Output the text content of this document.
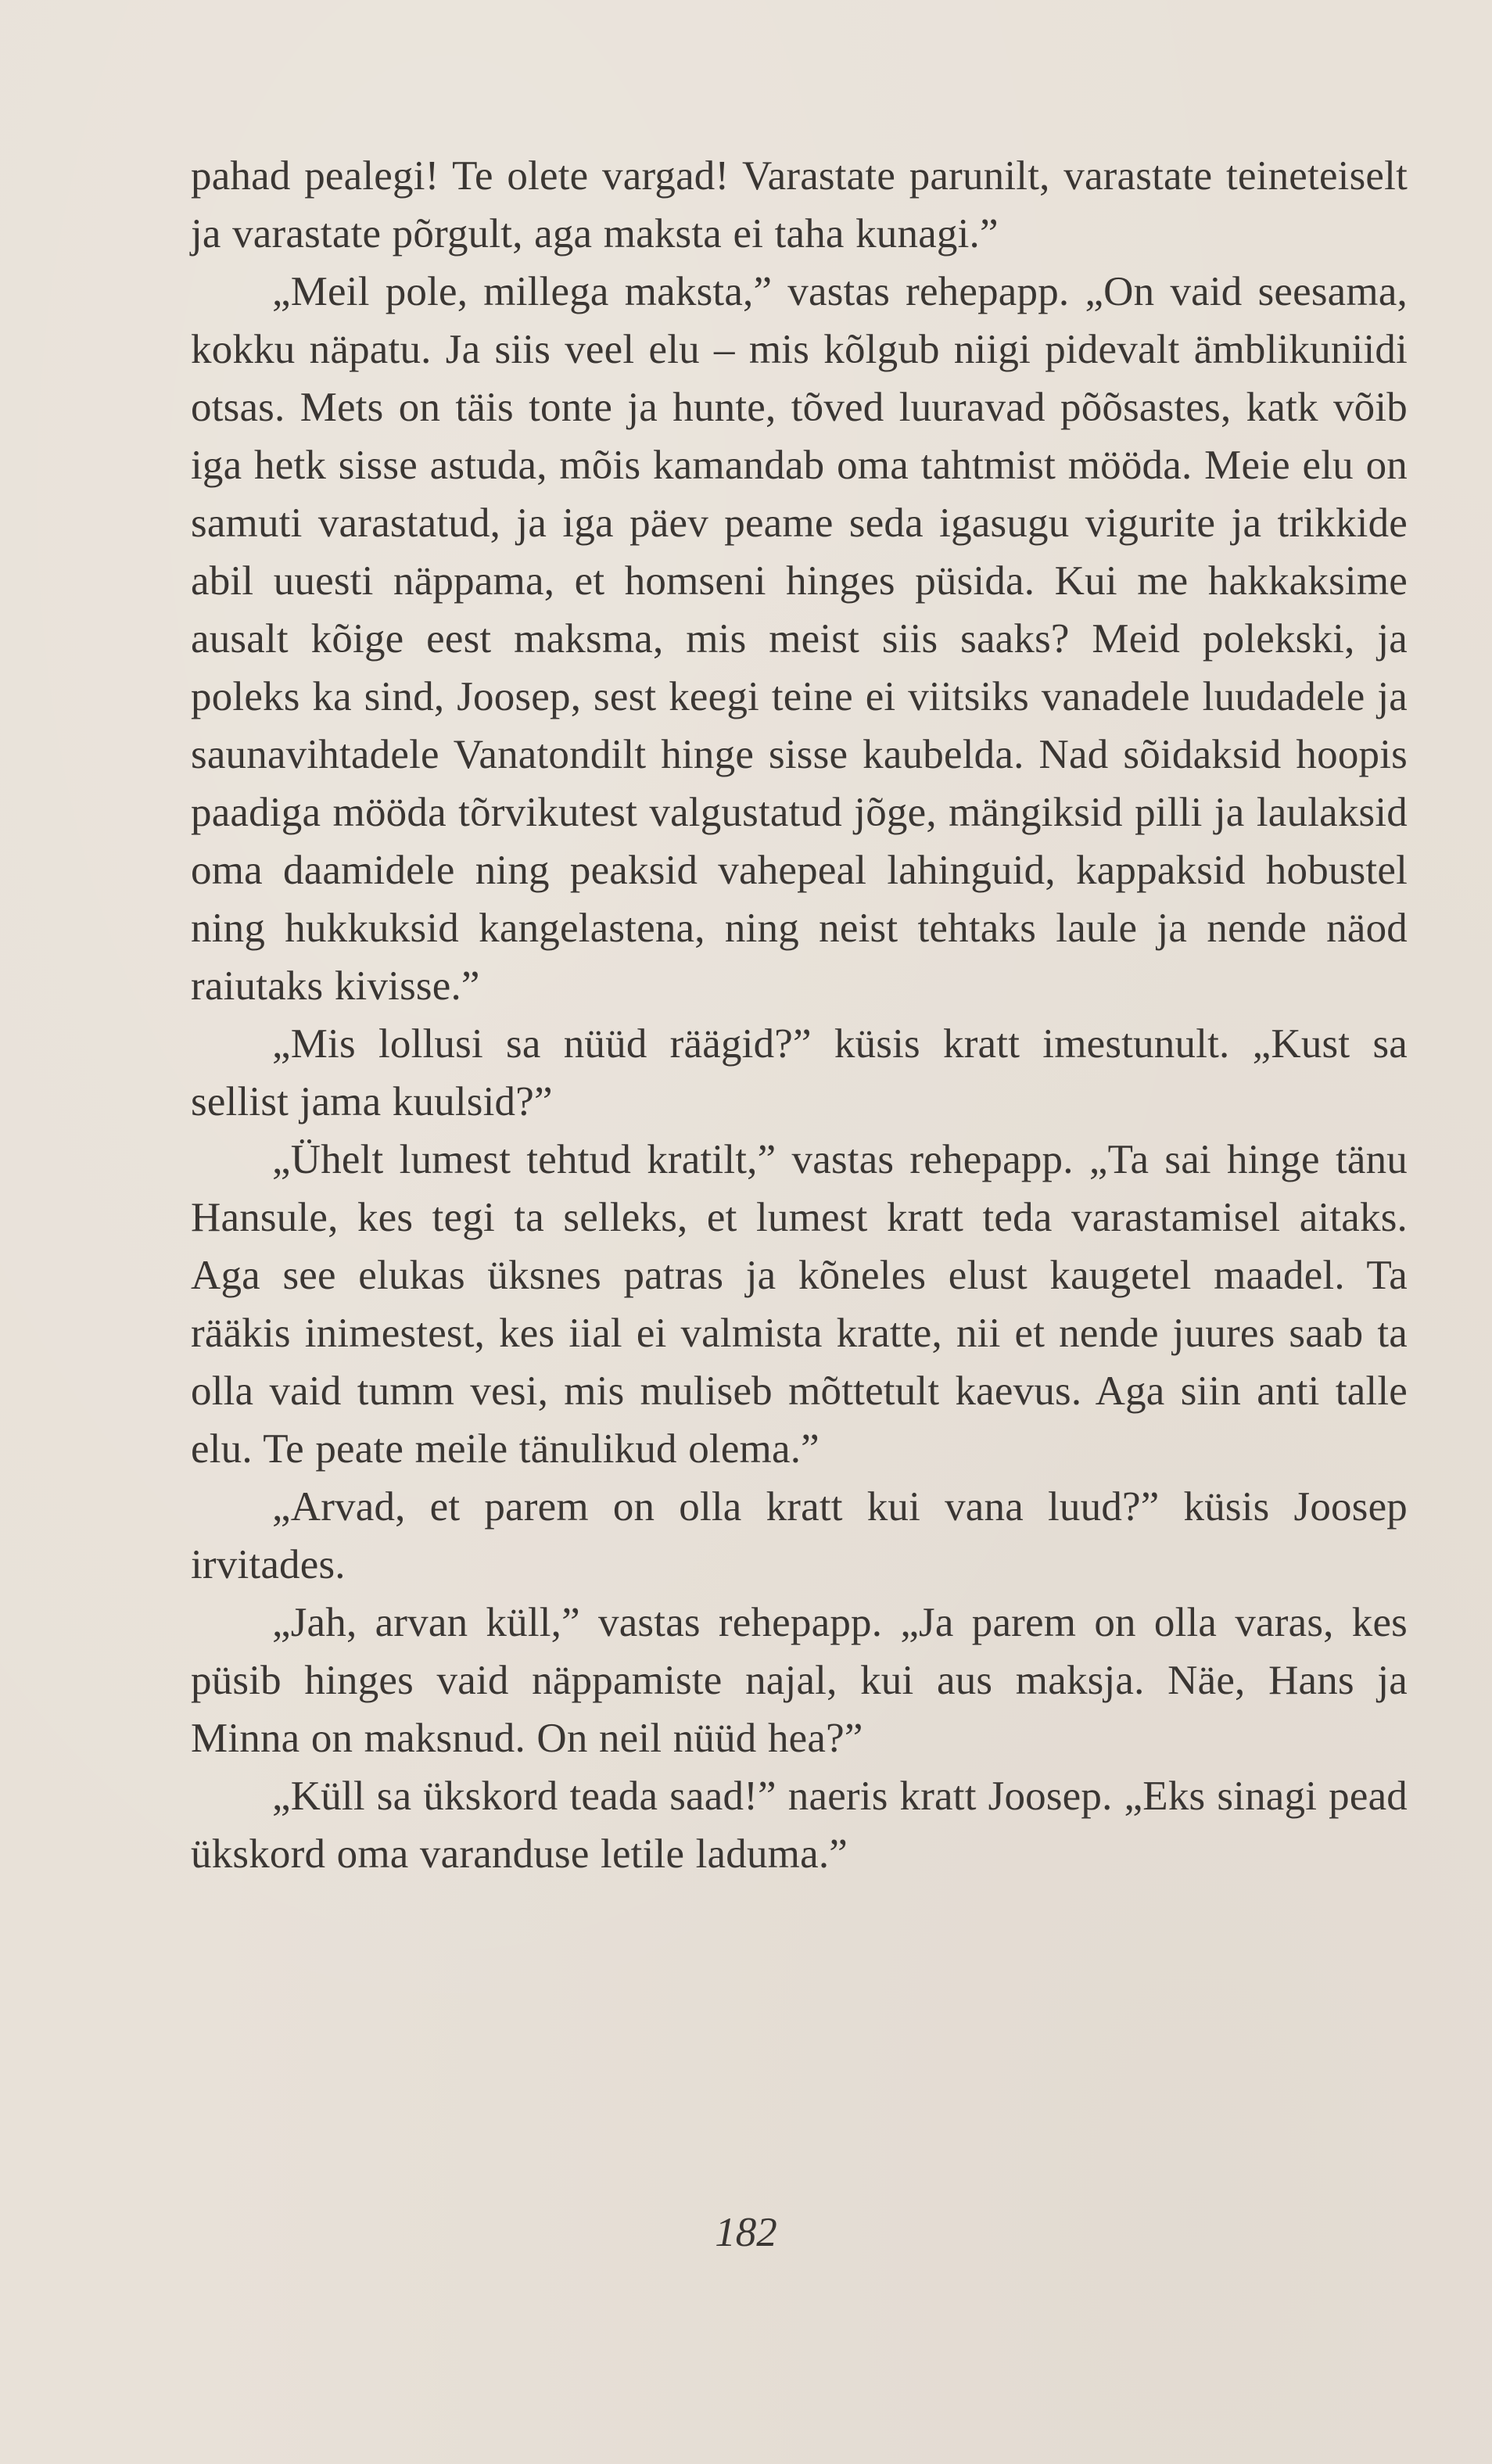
pahad pealegi! Te olete vargad! Varastate parunilt, varastate teineteiselt ja varastate põrgult, aga maksta ei taha kunagi.”

„Meil pole, millega maksta,” vastas rehepapp. „On vaid seesama, kokku näpatu. Ja siis veel elu – mis kõlgub niigi pidevalt ämblikuniidi otsas. Mets on täis tonte ja hunte, tõved luuravad põõsastes, katk võib iga hetk sisse astuda, mõis kamandab oma tahtmist mööda. Meie elu on samuti varastatud, ja iga päev peame seda igasugu vigurite ja trikkide abil uuesti näppama, et homseni hinges püsida. Kui me hakkaksime ausalt kõige eest maksma, mis meist siis saaks? Meid polekski, ja poleks ka sind, Joosep, sest keegi teine ei viitsiks vanadele luudadele ja saunavihtadele Vanatondilt hinge sisse kaubelda. Nad sõidaksid hoopis paadiga mööda tõrvikutest valgustatud jõge, mängiksid pilli ja laulaksid oma daamidele ning peaksid vahepeal lahinguid, kappaksid hobustel ning hukkuksid kangelastena, ning neist tehtaks laule ja nende näod raiutaks kivisse.”

„Mis lollusi sa nüüd räägid?” küsis kratt imestunult. „Kust sa sellist jama kuulsid?”

„Ühelt lumest tehtud kratilt,” vastas rehepapp. „Ta sai hinge tänu Hansule, kes tegi ta selleks, et lumest kratt teda varastamisel aitaks. Aga see elukas üksnes patras ja kõneles elust kaugetel maadel. Ta rääkis inimestest, kes iial ei valmista kratte, nii et nende juures saab ta olla vaid tumm vesi, mis muliseb mõttetult kaevus. Aga siin anti talle elu. Te peate meile tänulikud olema.”

„Arvad, et parem on olla kratt kui vana luud?” küsis Joosep irvitades.

„Jah, arvan küll,” vastas rehepapp. „Ja parem on olla varas, kes püsib hinges vaid näppamiste najal, kui aus maksja. Näe, Hans ja Minna on maksnud. On neil nüüd hea?”

„Küll sa ükskord teada saad!” naeris kratt Joosep. „Eks sinagi pead ükskord oma varanduse letile laduma.”

182
